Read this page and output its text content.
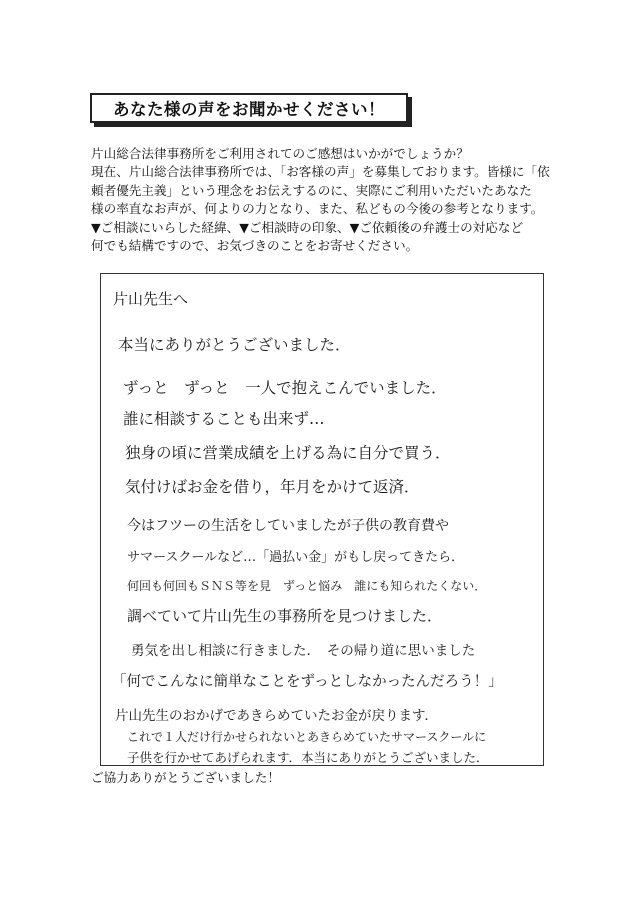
あなた様の声をお聞かせください！
片山総合法律事務所をご利用されてのご感想はいかがでしょうか？
現在、片山総合法律事務所では、「お客様の声」を募集しております。皆様に「依
頼者優先主義」という理念をお伝えするのに、実際にご利用いただいたあなた
様の率直なお声が、何よりの力となり、また、私どもの今後の参考となります。
▼ご相談にいらした経緯、▼ご相談時の印象、▼ご依頼後の弁護士の対応など
何でも結構ですので、お気づきのことをお寄せください。
片山先生へ
本当にありがとうございました．
ずっと　ずっと　一人で抱えこんでいました．
誰に相談することも出来ず…
独身の頃に営業成績を上げる為に自分で買う．
気付けばお金を借り，年月をかけて返済．
今はフツーの生活をしていましたが子供の教育費や
サマースクールなど…「過払い金」がもし戻ってきたら．
何回も何回もＳＮＳ等を見　ずっと悩み　誰にも知られたくない．
調べていて片山先生の事務所を見つけました．
勇気を出し相談に行きました．　その帰り道に思いました
「何でこんなに簡単なことをずっとしなかったんだろう！」
片山先生のおかげであきらめていたお金が戻ります．
これで１人だけ行かせられないとあきらめていたサマースクールに
子供を行かせてあげられます．本当にありがとうございました．
ご協力ありがとうございました！
